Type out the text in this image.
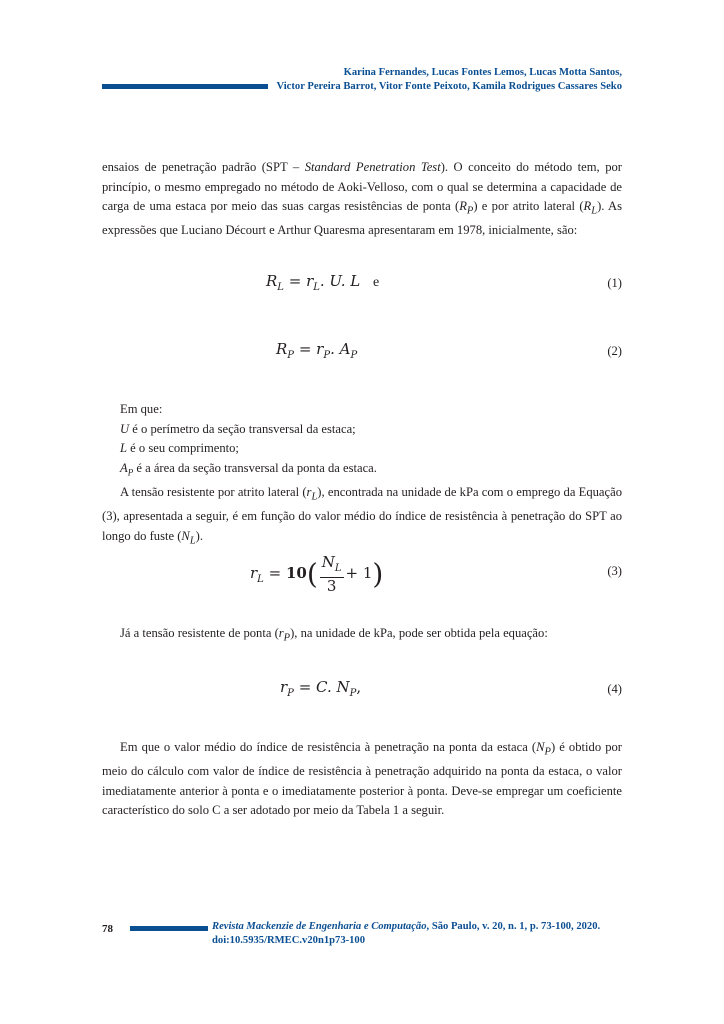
Karina Fernandes, Lucas Fontes Lemos, Lucas Motta Santos,
Victor Pereira Barrot, Vitor Fonte Peixoto, Kamila Rodrigues Cassares Seko

ensaios de penetração padrão (SPT – Standard Penetration Test). O conceito do método tem, por princípio, o mesmo empregado no método de Aoki-Velloso, com o qual se determina a capacidade de carga de uma estaca por meio das suas cargas resistências de ponta $(R_P)$ e por atrito lateral $(R_L)$. As expressões que Luciano Décourt e Arthur Quaresma apresentaram em 1978, inicialmente, são:

$R_L = r_L$. U. L e	(1)
$R_P = r_P$. $A_P$	(2)

Em que:

U é o perímetro da seção transversal da estaca;

L é o seu comprimento;

$A_P$ é a área da seção transversal da ponta da estaca.

A tensão resistente por atrito lateral $(r_L)$, encontrada na unidade de kPa com o emprego da Equação (3), apresentada a seguir, é em função do valor médio do índice de resistência à penetração do SPT ao longo do fuste $(N_L)$.

$r_L = 10( \frac{N_L}{3} + 1)$	(3)

Já a tensão resistente de ponta $(r_P)$, na unidade de kPa, pode ser obtida pela equação:

$r_P = C$. $N_P$,	(4)

Em que o valor médio do índice de resistência à penetração na ponta da estaca $(N_P)$ é obtido por meio do cálculo com valor de índice de resistência à penetração adquirido na ponta da estaca, o valor imediatamente anterior à ponta e o imediatamente posterior à ponta. Deve-se empregar um coeficiente característico do solo C a ser adotado por meio da Tabela 1 a seguir.

78	Revista Mackenzie de Engenharia e Computação, São Paulo, v. 20, n. 1, p. 73-100, 2020.
doi:10.5935/RMEC.v20n1p73-100
